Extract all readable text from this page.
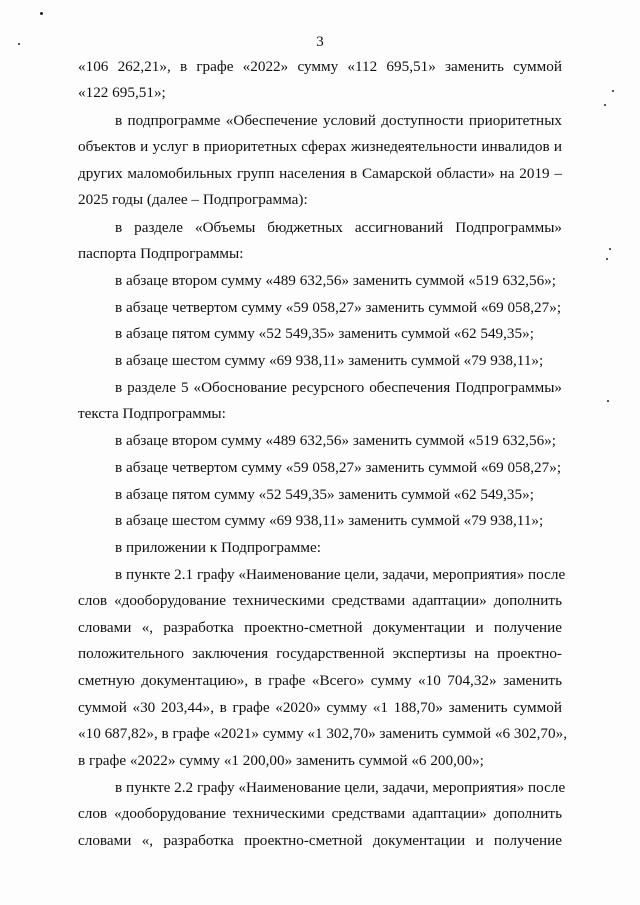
3
«106 262,21», в графе «2022» сумму «112 695,51» заменить суммой
«122 695,51»;
в подпрограмме «Обеспечение условий доступности приоритетных
объектов и услуг в приоритетных сферах жизнедеятельности инвалидов и
других маломобильных групп населения в Самарской области» на 2019 –
2025 годы (далее – Подпрограмма):
в разделе «Объемы бюджетных ассигнований Подпрограммы»
паспорта Подпрограммы:
в абзаце втором сумму «489 632,56» заменить суммой «519 632,56»;
в абзаце четвертом сумму «59 058,27» заменить суммой «69 058,27»;
в абзаце пятом сумму «52 549,35» заменить суммой «62 549,35»;
в абзаце шестом сумму «69 938,11» заменить суммой «79 938,11»;
в разделе 5 «Обоснование ресурсного обеспечения Подпрограммы»
текста Подпрограммы:
в абзаце втором сумму «489 632,56» заменить суммой «519 632,56»;
в абзаце четвертом сумму «59 058,27» заменить суммой «69 058,27»;
в абзаце пятом сумму «52 549,35» заменить суммой «62 549,35»;
в абзаце шестом сумму «69 938,11» заменить суммой «79 938,11»;
в приложении к Подпрограмме:
в пункте 2.1 графу «Наименование цели, задачи, мероприятия» после
слов «дооборудование техническими средствами адаптации» дополнить
словами «, разработка проектно-сметной документации и получение
положительного заключения государственной экспертизы на проектно-
сметную документацию», в графе «Всего» сумму «10 704,32» заменить
суммой «30 203,44», в графе «2020» сумму «1 188,70» заменить суммой
«10 687,82», в графе «2021» сумму «1 302,70» заменить суммой «6 302,70»,
в графе «2022» сумму «1 200,00» заменить суммой «6 200,00»;
в пункте 2.2 графу «Наименование цели, задачи, мероприятия» после
слов «дооборудование техническими средствами адаптации» дополнить
словами «, разработка проектно-сметной документации и получение
